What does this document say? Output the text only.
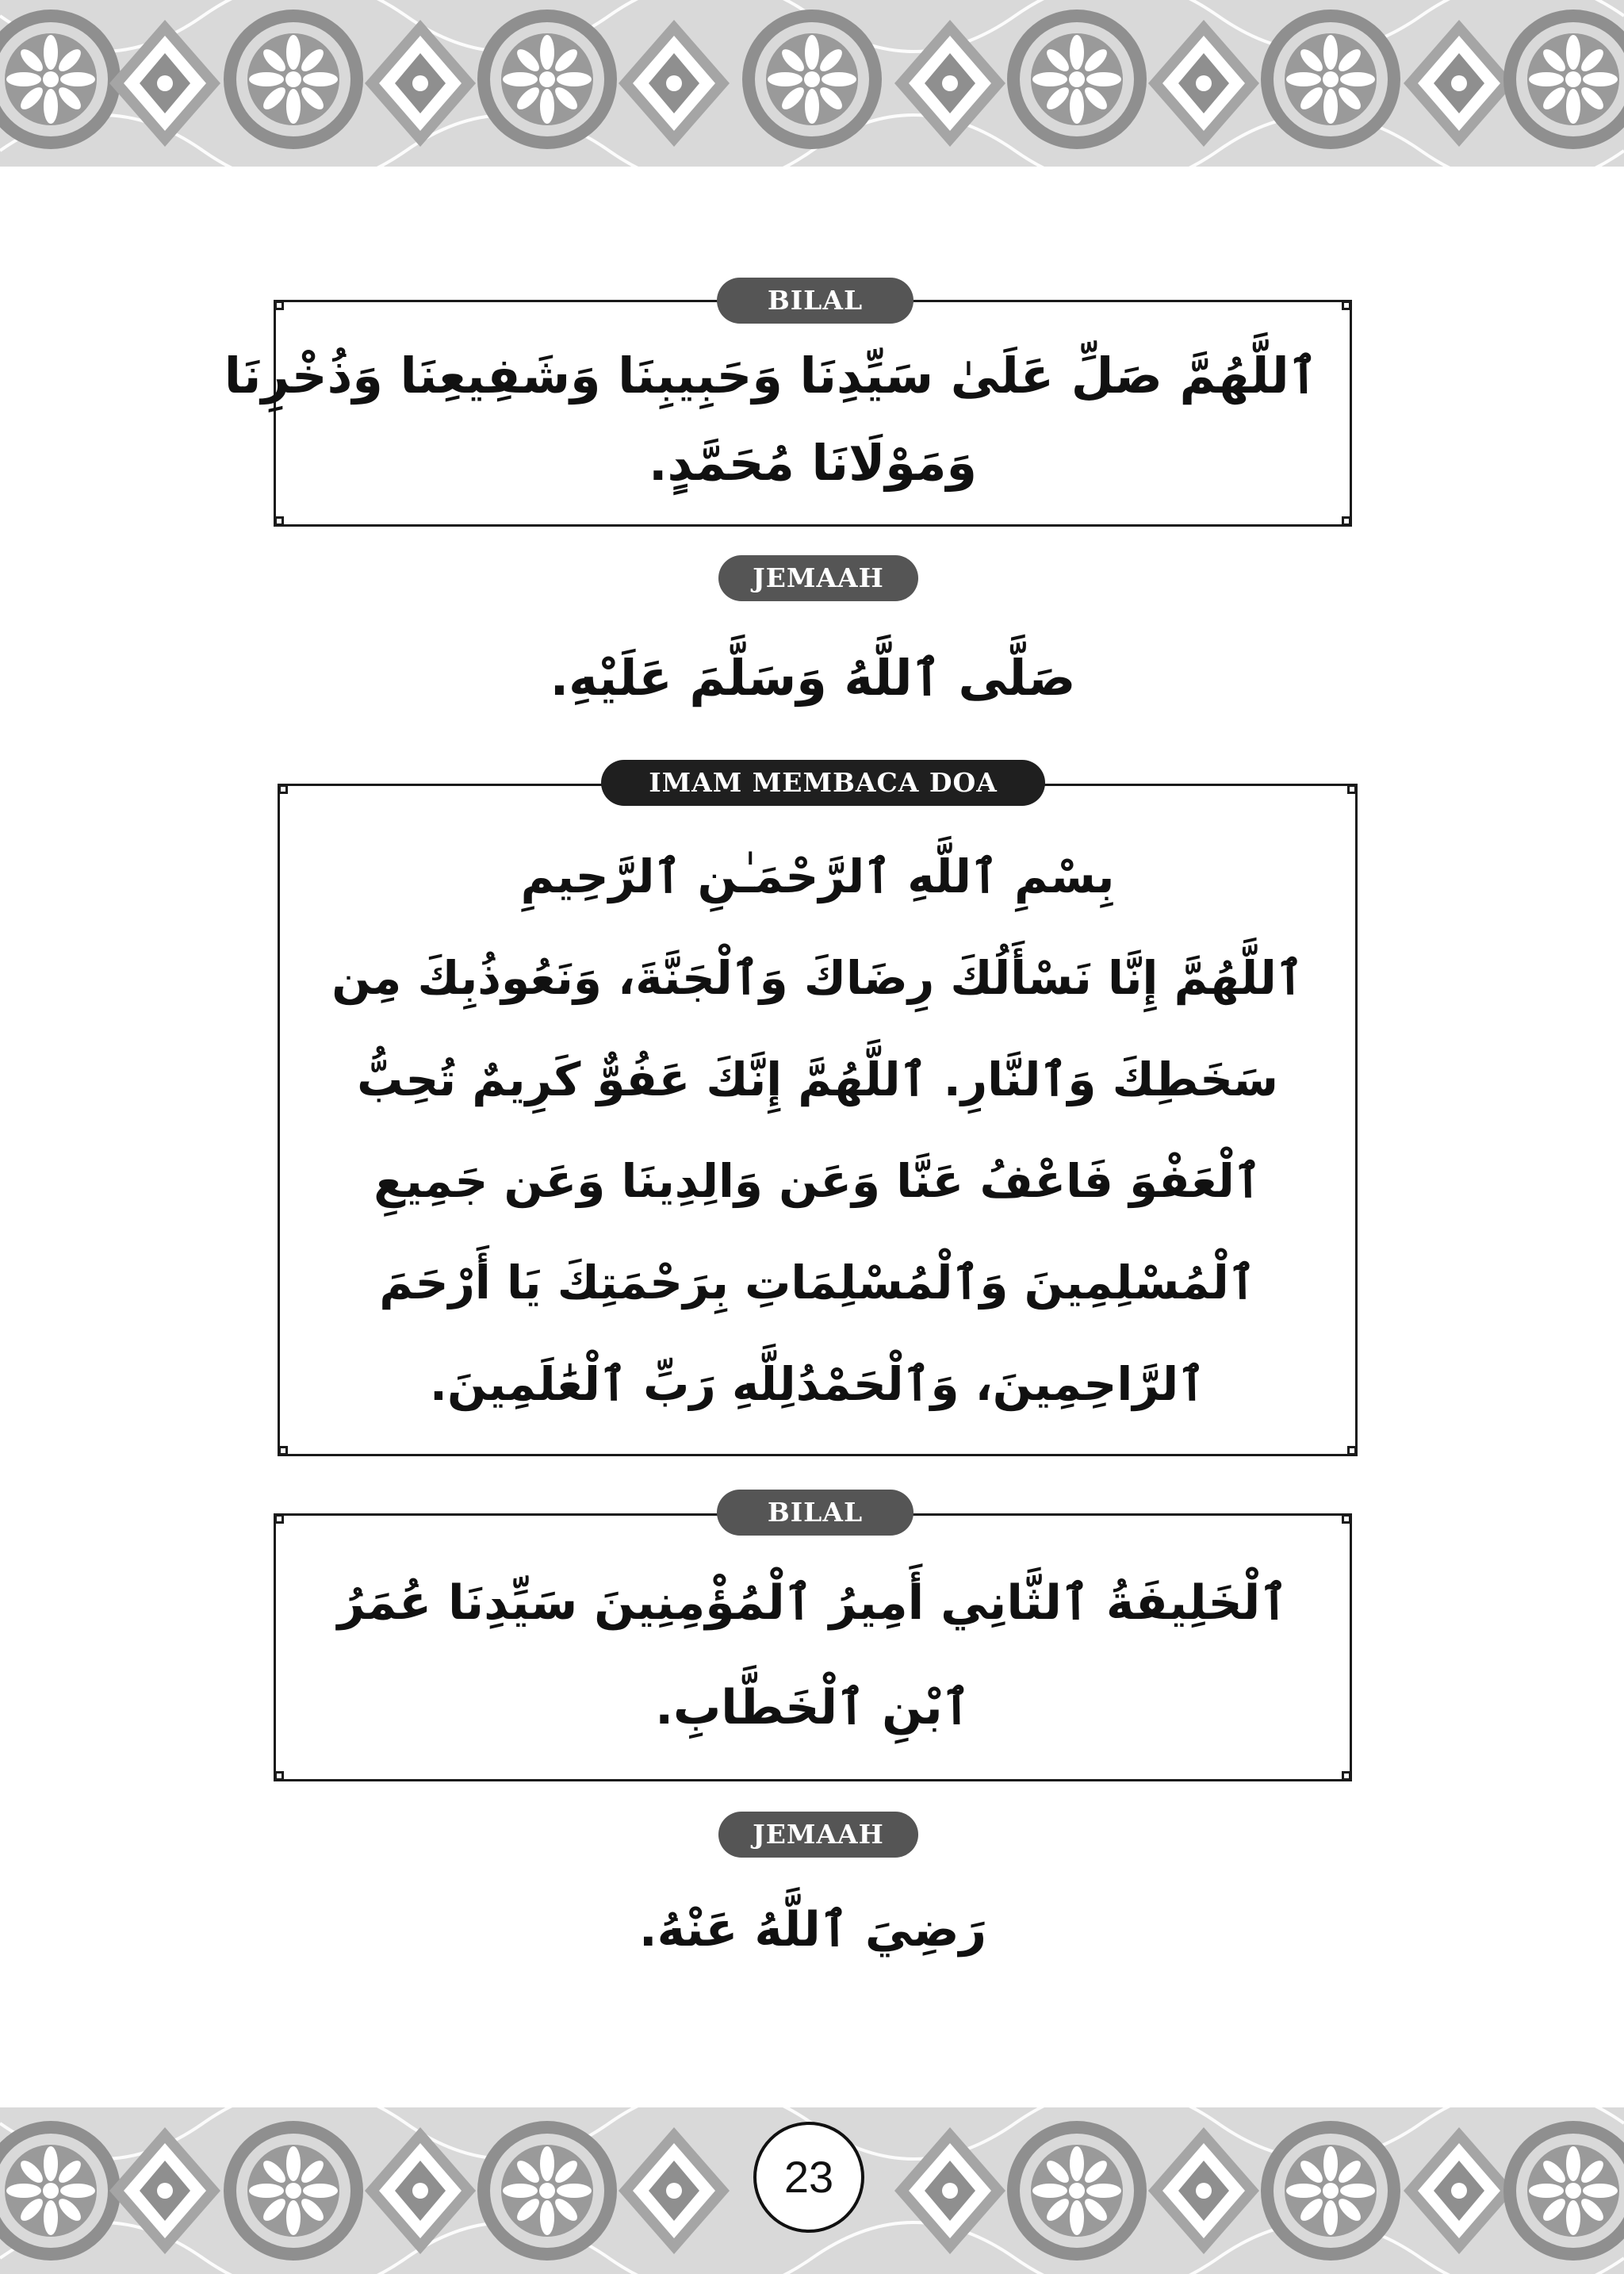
BILAL
ٱللَّهُمَّ صَلِّ عَلَىٰ سَيِّدِنَا وَحَبِيبِنَا وَشَفِيعِنَا وَذُخْرِنَا
وَمَوْلَانَا مُحَمَّدٍ.
JEMAAH
صَلَّى ٱللَّهُ وَسَلَّمَ عَلَيْهِ.
IMAM MEMBACA DOA
بِسْمِ ٱللَّهِ ٱلرَّحْمَـٰنِ ٱلرَّحِيمِ
ٱللَّهُمَّ إِنَّا نَسْأَلُكَ رِضَاكَ وَٱلْجَنَّةَ، وَنَعُوذُبِكَ مِن
سَخَطِكَ وَٱلنَّارِ. ٱللَّهُمَّ إِنَّكَ عَفُوٌّ كَرِيمٌ تُحِبُّ
ٱلْعَفْوَ فَاعْفُ عَنَّا وَعَن وَالِدِينَا وَعَن جَمِيعِ
ٱلْمُسْلِمِينَ وَٱلْمُسْلِمَاتِ بِرَحْمَتِكَ يَا أَرْحَمَ
ٱلرَّاحِمِينَ، وَٱلْحَمْدُلِلَّهِ رَبِّ ٱلْعَٰلَمِينَ.
BILAL
ٱلْخَلِيفَةُ ٱلثَّانِي أَمِيرُ ٱلْمُؤْمِنِينَ سَيِّدِنَا عُمَرُ
ٱبْنِ ٱلْخَطَّابِ.
JEMAAH
رَضِيَ ٱللَّهُ عَنْهُ.
23
